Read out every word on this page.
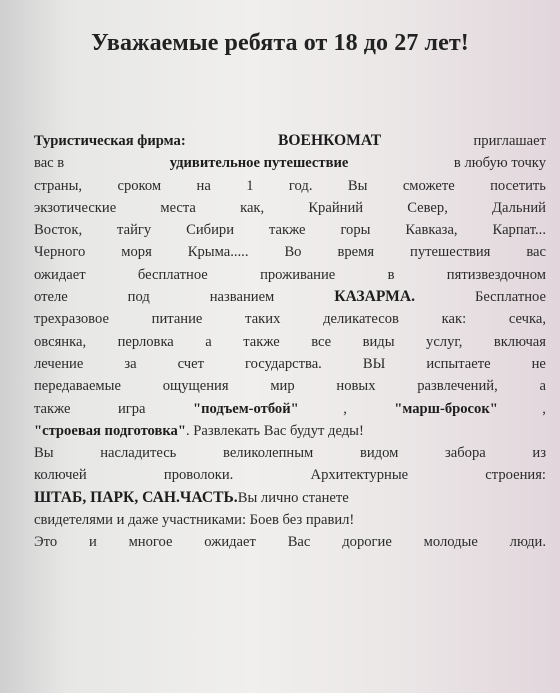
Уважаемые ребята от 18 до 27 лет!
Туристическая фирма:	ВОЕНКОМАТ	приглашает
вас в	удивительное путешествие	в любую точку
страны, сроком на 1 год. Вы сможете посетить
экзотические	места	как,	Крайний	Север,	Дальний
Восток, тайгу Сибири также горы Кавказа, Карпат...
Черного моря Крыма..... Во время путешествия вас
ожидает	бесплатное	проживание	в	пятизвездочном
отеле	под	названием	КАЗАРМА.	Бесплатное
трехразовое	питание	таких	деликатесов	как:	сечка,
овсянка, перловка а также все виды услуг, включая
лечение	за	счет	государства.	ВЫ	испытаете	не
передаваемые	ощущения	мир	новых	развлечений,	а
также	игра	"подъем-отбой"	,	"марш-бросок"	,
"строевая подготовка" . Развлекать Вас будут деды!
Вы	насладитесь	великолепным	видом	забора	из
колючей	проволоки.	Архитектурные	строения:
ШТАБ, ПАРК, САН.ЧАСТЬ. Вы лично станете
свидетелями и даже участниками: Боев без правил!
Это и многое ожидает Вас дорогие молодые люди.
